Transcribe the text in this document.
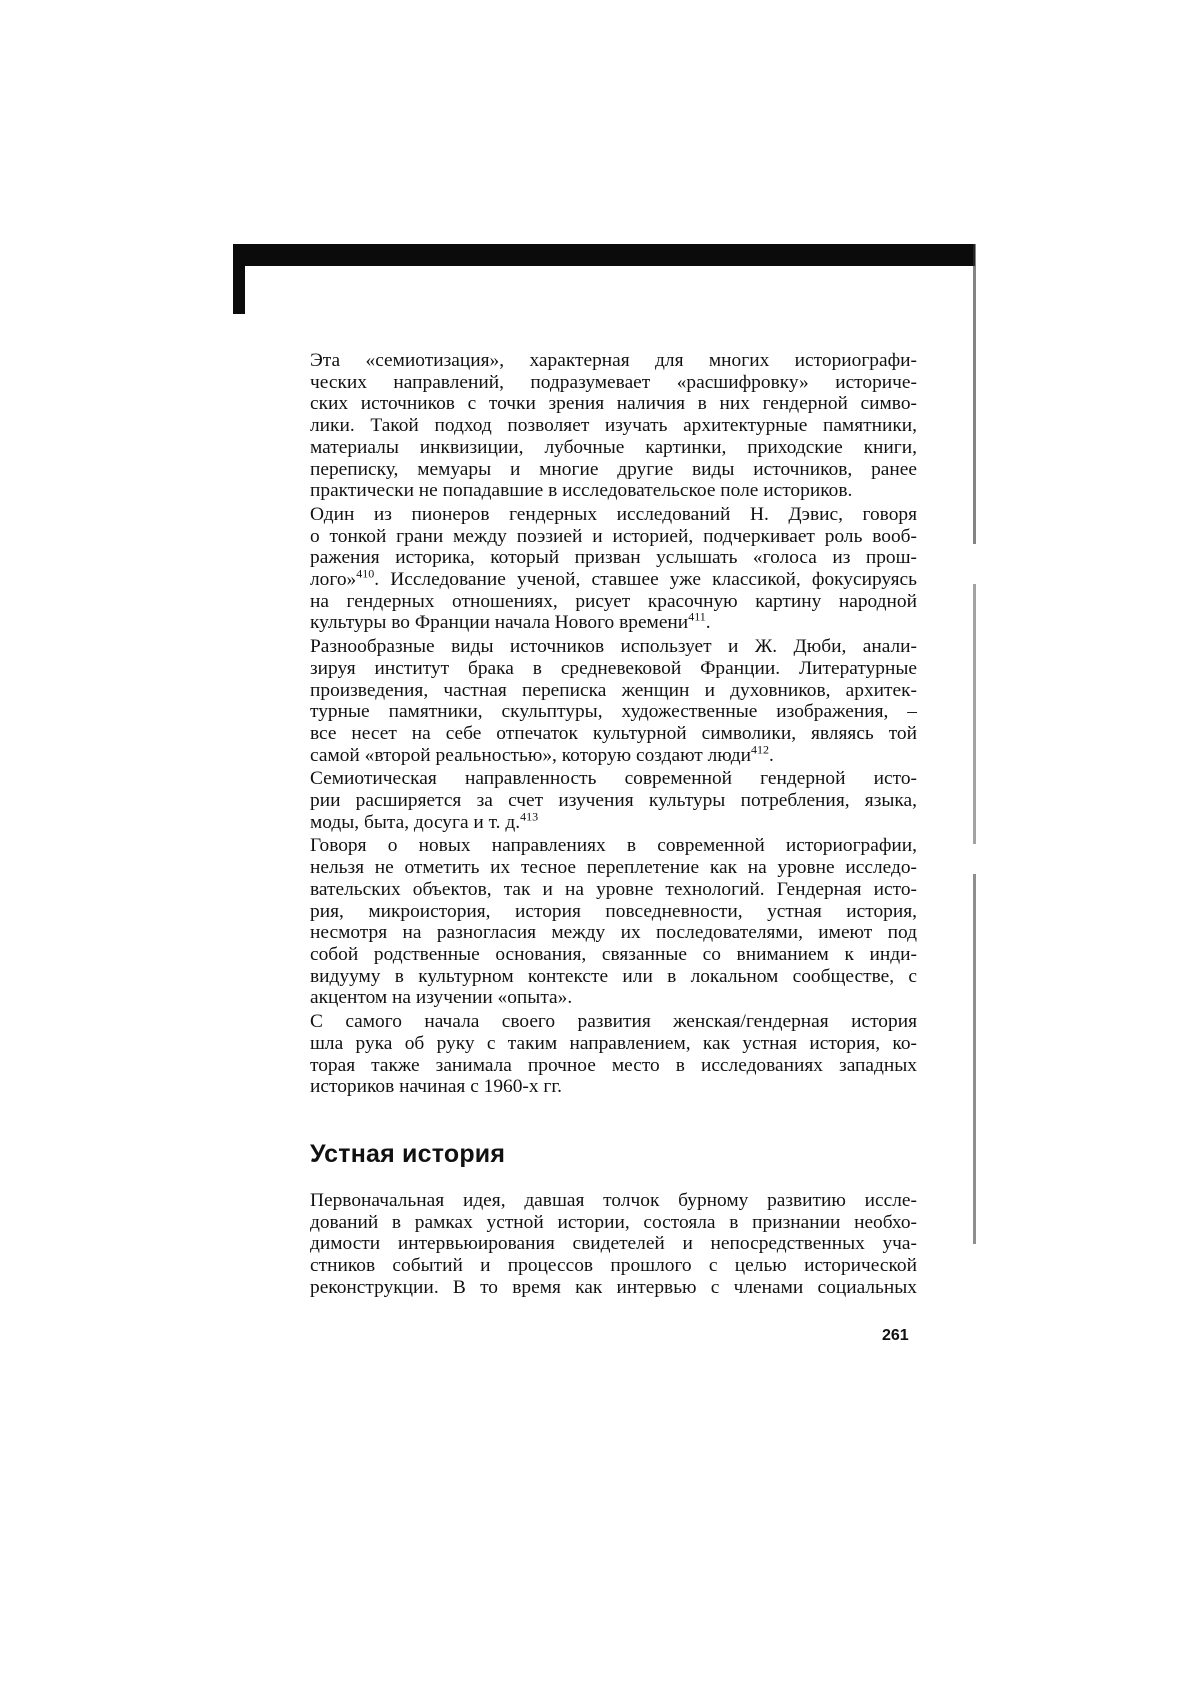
Эта «семиотизация», характерная для многих историографи-
ческих направлений, подразумевает «расшифровку» историче-
ских источников с точки зрения наличия в них гендерной симво-
лики. Такой подход позволяет изучать архитектурные памятники,
материалы инквизиции, лубочные картинки, приходские книги,
переписку, мемуары и многие другие виды источников, ранее
практически не попадавшие в исследовательское поле историков.
Один из пионеров гендерных исследований Н. Дэвис, говоря
о тонкой грани между поэзией и историей, подчеркивает роль вооб-
ражения историка, который призван услышать «голоса из прош-
лого»$^{410}$. Исследование ученой, ставшее уже классикой, фокусируясь
на гендерных отношениях, рисует красочную картину народной
культуры во Франции начала Нового времени$^{411}$.
Разнообразные виды источников использует и Ж. Дюби, анали-
зируя институт брака в средневековой Франции. Литературные
произведения, частная переписка женщин и духовников, архитек-
турные памятники, скульптуры, художественные изображения, –
все несет на себе отпечаток культурной символики, являясь той
самой «второй реальностью», которую создают люди$^{412}$.
Семиотическая направленность современной гендерной исто-
рии расширяется за счет изучения культуры потребления, языка,
моды, быта, досуга и т. д.$^{413}$
Говоря о новых направлениях в современной историографии,
нельзя не отметить их тесное переплетение как на уровне исследо-
вательских объектов, так и на уровне технологий. Гендерная исто-
рия, микроистория, история повседневности, устная история,
несмотря на разногласия между их последователями, имеют под
собой родственные основания, связанные со вниманием к инди-
видууму в культурном контексте или в локальном сообществе, с
акцентом на изучении «опыта».
С самого начала своего развития женская/гендерная история
шла рука об руку с таким направлением, как устная история, ко-
торая также занимала прочное место в исследованиях западных
историков начиная с 1960-х гг.
Устная история
Первоначальная идея, давшая толчок бурному развитию иссле-
дований в рамках устной истории, состояла в признании необхо-
димости интервьюирования свидетелей и непосредственных уча-
стников событий и процессов прошлого с целью исторической
реконструкции. В то время как интервью с членами социальных
261
